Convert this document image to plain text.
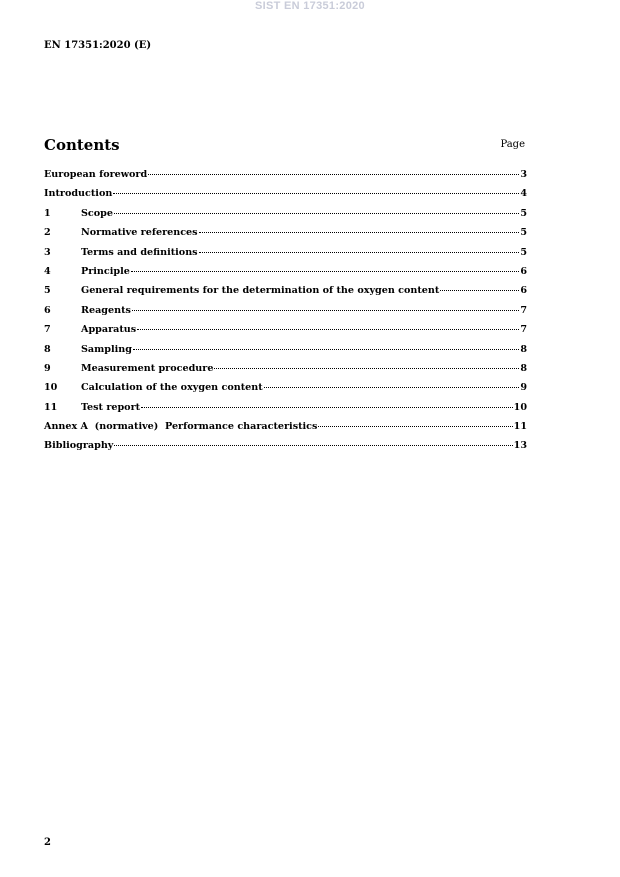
SIST EN 17351:2020
EN 17351:2020 (E)
Contents	Page
European foreword	3
Introduction	4
1	Scope	5
2	Normative references	5
3	Terms and definitions	5
4	Principle	6
5	General requirements for the determination of the oxygen content	6
6	Reagents	7
7	Apparatus	7
8	Sampling	8
9	Measurement procedure	8
10	Calculation of the oxygen content	9
11	Test report	10
Annex A  (normative)  Performance characteristics	11
Bibliography	13
2
